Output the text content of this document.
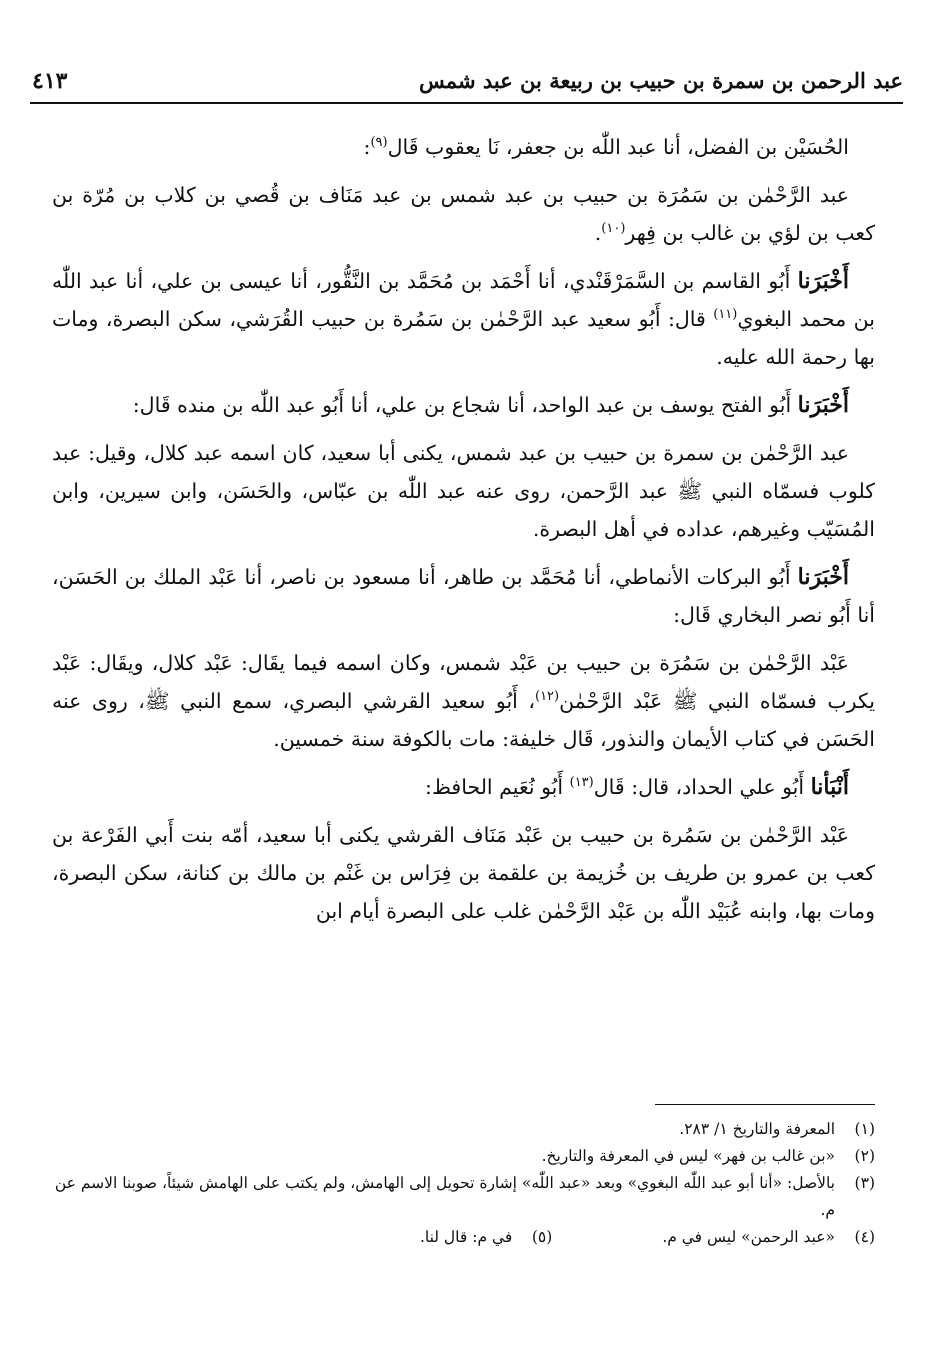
عبد الرحمن بن سمرة بن حبيب بن ربيعة بن عبد شمس
٤١٣

الحُسَيْن بن الفضل، أنا عبد اللّٰه بن جعفر، نَا يعقوب قَال$^{(٩)}$:

عبد الرَّحْمٰن بن سَمُرَة بن حبيب بن عبد شمس بن عبد مَنَاف بن قُصي بن كلاب بن مُرّة بن كعب بن لؤي بن غالب بن فِهر$^{(١٠)}$.

أَخْبَرَنا أَبُو القاسم بن السَّمَرْقَنْدي، أنا أَحْمَد بن مُحَمَّد بن النَّقُّور، أنا عيسى بن علي، أنا عبد اللّٰه بن محمد البغوي$^{(١١)}$ قال: أَبُو سعيد عبد الرَّحْمٰن بن سَمُرة بن حبيب القُرَشي، سكن البصرة، ومات بها رحمة الله عليه.

أَخْبَرَنا أَبُو الفتح يوسف بن عبد الواحد، أنا شجاع بن علي، أنا أَبُو عبد اللّٰه بن منده قَال:

عبد الرَّحْمٰن بن سمرة بن حبيب بن عبد شمس، يكنى أبا سعيد، كان اسمه عبد كلال، وقيل: عبد كلوب فسمّاه النبي ﷺ عبد الرَّحمن، روى عنه عبد اللّٰه بن عبّاس، والحَسَن، وابن سيرين، وابن المُسَيّب وغيرهم، عداده في أهل البصرة.

أَخْبَرَنا أَبُو البركات الأنماطي، أنا مُحَمَّد بن طاهر، أنا مسعود بن ناصر، أنا عَبْد الملك بن الحَسَن، أنا أَبُو نصر البخاري قَال:

عَبْد الرَّحْمٰن بن سَمُرَة بن حبيب بن عَبْد شمس، وكان اسمه فيما يقَال: عَبْد كلال، ويقَال: عَبْد يكرب فسمّاه النبي ﷺ عَبْد الرَّحْمٰن$^{(١٢)}$، أَبُو سعيد القرشي البصري، سمع النبي ﷺ، روى عنه الحَسَن في كتاب الأيمان والنذور، قَال خليفة: مات بالكوفة سنة خمسين.

أَنْبَأنا أَبُو علي الحداد، قال: قَال$^{(١٣)}$ أَبُو نُعَيم الحافظ:

عَبْد الرَّحْمٰن بن سَمُرة بن حبيب بن عَبْد مَنَاف القرشي يكنى أبا سعيد، أمّه بنت أَبي الفَرْعة بن كعب بن عمرو بن طريف بن خُزيمة بن علقمة بن فِرَاس بن غَنْم بن مالك بن كنانة، سكن البصرة، ومات بها، وابنه عُبَيْد اللّٰه بن عَبْد الرَّحْمٰن غلب على البصرة أيام ابن

(١)
المعرفة والتاريخ ١/ ٢٨٣.
(٢)
«بن غالب بن فهر» ليس في المعرفة والتاريخ.
(٣)
بالأصل: «أنا أبو عبد اللّٰه البغوي» وبعد «عبد اللّٰه» إشارة تحويل إلى الهامش، ولم يكتب على الهامش شيئاً، صوبنا الاسم عن م.
(٤)
«عبد الرحمن» ليس في م.
(٥)
في م: قال لنا.
